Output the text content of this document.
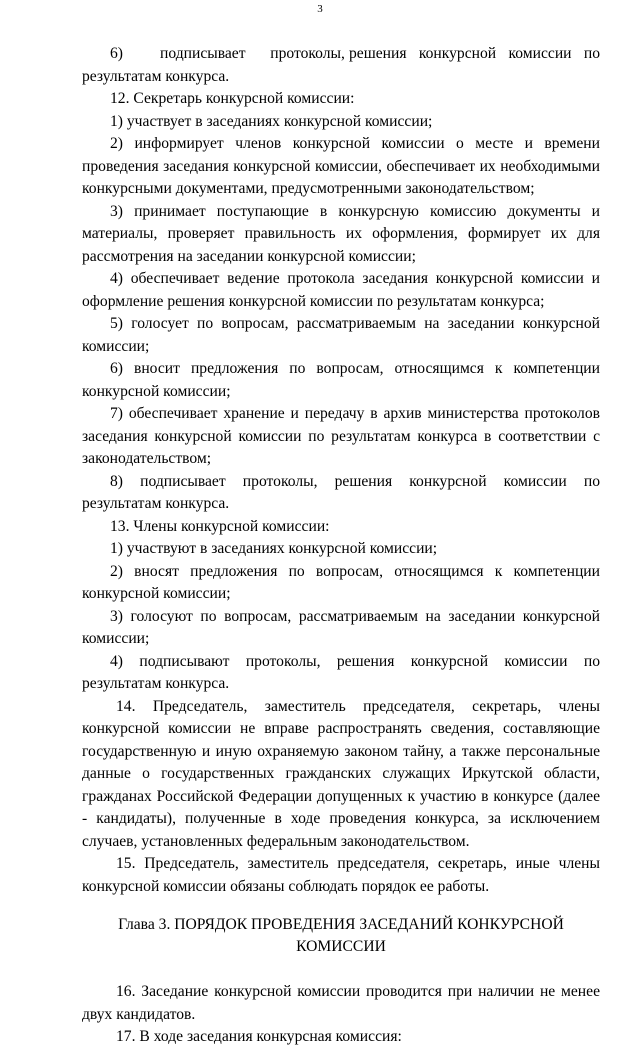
3

6)         подписывает      протоколы, решения   конкурсной   комиссии   по результатам конкурса.

12. Секретарь конкурсной комиссии:

1) участвует в заседаниях конкурсной комиссии;

2) информирует членов конкурсной комиссии о месте и времени проведения заседания конкурсной комиссии, обеспечивает их необходимыми конкурсными документами, предусмотренными законодательством;

3) принимает поступающие в конкурсную комиссию документы и материалы, проверяет правильность их оформления, формирует их для рассмотрения на заседании конкурсной комиссии;

4) обеспечивает ведение протокола заседания конкурсной комиссии и оформление решения конкурсной комиссии по результатам конкурса;

5) голосует по вопросам, рассматриваемым на заседании конкурсной комиссии;

6) вносит предложения по вопросам, относящимся к компетенции конкурсной комиссии;

7) обеспечивает хранение и передачу в архив министерства протоколов заседания конкурсной комиссии по результатам конкурса в соответствии с законодательством;

8) подписывает протоколы, решения конкурсной комиссии по результатам конкурса.

13. Члены конкурсной комиссии:

1) участвуют в заседаниях конкурсной комиссии;

2) вносят предложения по вопросам, относящимся к компетенции конкурсной комиссии;

3) голосуют по вопросам, рассматриваемым на заседании конкурсной комиссии;

4) подписывают протоколы, решения конкурсной комиссии по результатам конкурса.

14. Председатель, заместитель председателя, секретарь, члены конкурсной комиссии не вправе распространять сведения, составляющие государственную и иную охраняемую законом тайну, а также персональные данные о государственных гражданских служащих Иркутской области, гражданах Российской Федерации допущенных к участию в конкурсе (далее - кандидаты), полученные в ходе проведения конкурса, за исключением случаев, установленных федеральным законодательством.

15. Председатель, заместитель председателя, секретарь, иные члены конкурсной комиссии обязаны соблюдать порядок ее работы.

Глава 3. ПОРЯДОК ПРОВЕДЕНИЯ ЗАСЕДАНИЙ КОНКУРСНОЙ КОМИССИИ

16. Заседание конкурсной комиссии проводится при наличии не менее двух кандидатов.

17. В ходе заседания конкурсная комиссия:
